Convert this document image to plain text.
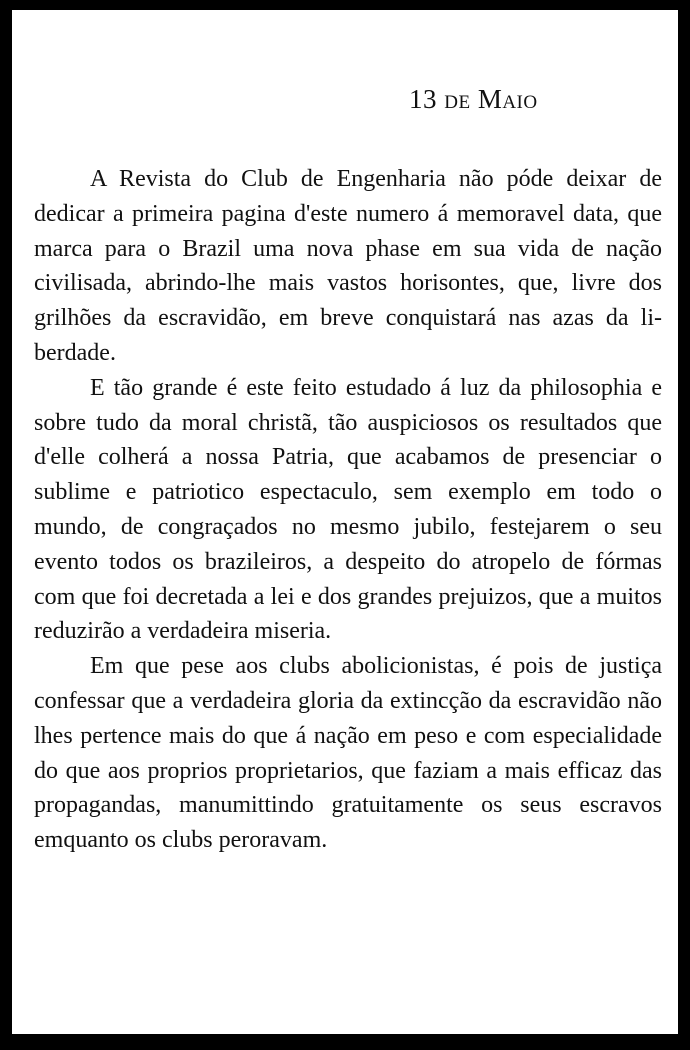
13 de Maio

A Revista do Club de Engenharia não póde deixar de dedicar a primeira pagina d'este numero á memoravel data, que marca para o Brazil uma nova phase em sua vida de nação civilisada, abrindo-lhe mais vastos horisontes, que, livre dos grilhões da escravidão, em breve conquistará nas azas da liberdade.

E tão grande é este feito estudado á luz da philosophia e sobre tudo da moral christã, tão auspiciosos os resultados que d'elle colherá a nossa Patria, que acabamos de presenciar o sublime e patriotico espectaculo, sem exemplo em todo o mundo, de congraçados no mesmo jubilo, festejarem o seu evento todos os brazileiros, a despeito do atropelo de fórmas com que foi decretada a lei e dos grandes prejuizos, que a muitos reduzirão a verdadeira miseria.

Em que pese aos clubs abolicionistas, é pois de justiça confessar que a verdadeira gloria da extincção da escravidão não lhes pertence mais do que á nação em peso e com especialidade do que aos proprios proprietarios, que faziam a mais efficaz das propagandas, manumittindo gratuitamente os seus escravos emquanto os clubs peroravam.
